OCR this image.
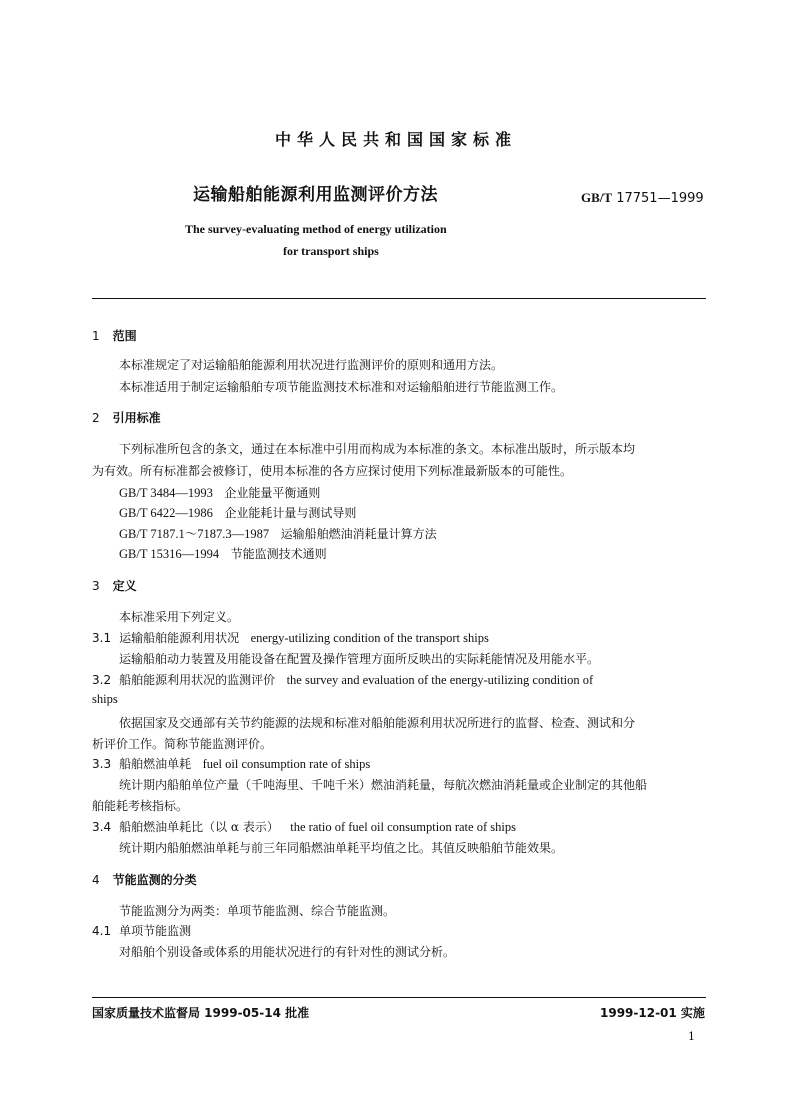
中华人民共和国国家标准
运输船舶能源利用监测评价方法	GB/T 17751—1999
The survey-evaluating method of energy utilization
for transport ships
1 范围
本标准规定了对运输船舶能源利用状况进行监测评价的原则和通用方法。
本标准适用于制定运输船舶专项节能监测技术标准和对运输船舶进行节能监测工作。
2 引用标准
下列标准所包含的条文，通过在本标准中引用而构成为本标准的条文。本标准出版时，所示版本均
为有效。所有标准都会被修订，使用本标准的各方应探讨使用下列标准最新版本的可能性。
GB/T 3484—1993 企业能量平衡通则
GB/T 6422—1986 企业能耗计量与测试导则
GB/T 7187.1～7187.3—1987 运输船舶燃油消耗量计算方法
GB/T 15316—1994 节能监测技术通则
3 定义
本标准采用下列定义。
3.1 运输船舶能源利用状况 energy-utilizing condition of the transport ships
运输船舶动力装置及用能设备在配置及操作管理方面所反映出的实际耗能情况及用能水平。
3.2 船舶能源利用状况的监测评价 the survey and evaluation of the energy-utilizing condition of
ships
依据国家及交通部有关节约能源的法规和标准对船舶能源利用状况所进行的监督、检查、测试和分
析评价工作。简称节能监测评价。
3.3 船舶燃油单耗 fuel oil consumption rate of ships
统计期内船舶单位产量（千吨海里、千吨千米）燃油消耗量，每航次燃油消耗量或企业制定的其他船
舶能耗考核指标。
3.4 船舶燃油单耗比（以 α 表示） the ratio of fuel oil consumption rate of ships
统计期内船舶燃油单耗与前三年同船燃油单耗平均值之比。其值反映船舶节能效果。
4 节能监测的分类
节能监测分为两类：单项节能监测、综合节能监测。
4.1 单项节能监测
对船舶个别设备或体系的用能状况进行的有针对性的测试分析。
国家质量技术监督局 1999-05-14 批准	1999-12-01 实施
1
